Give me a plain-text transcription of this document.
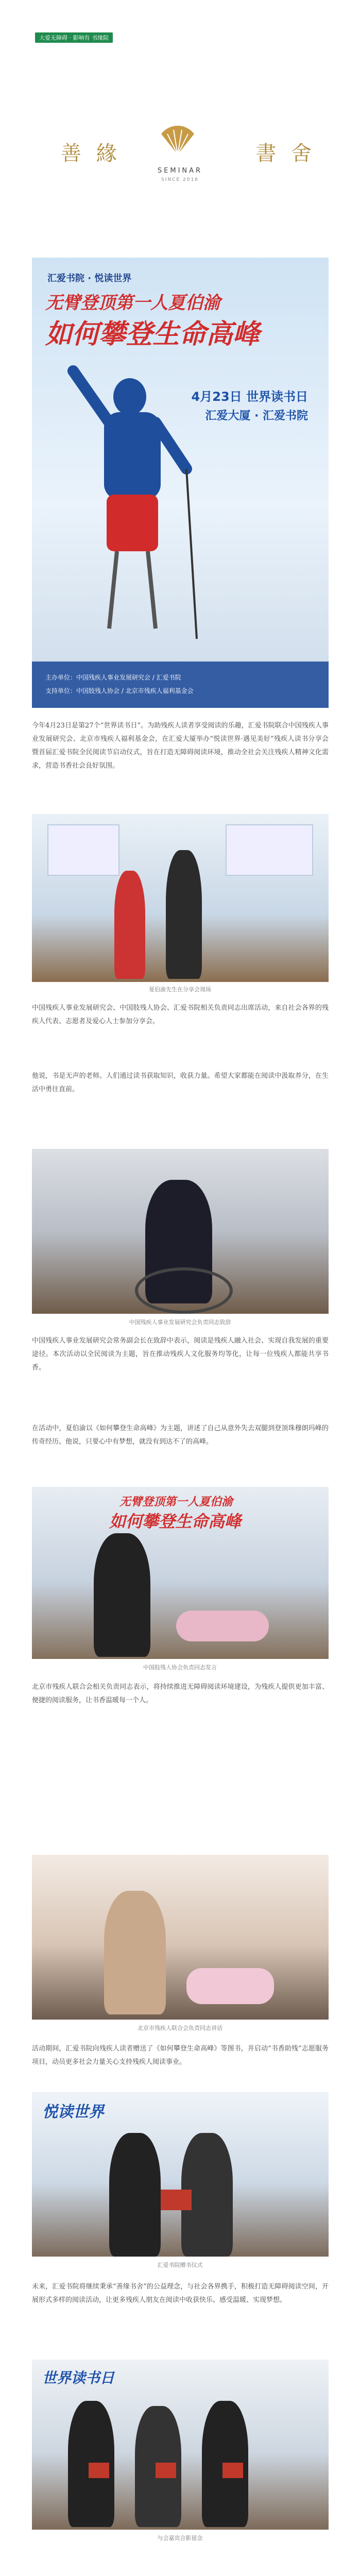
大爱无障碍 · 影响有 书缘院
善 緣	書 舍
SEMINAR
SINCE 2016
汇爱书院 · 悦读世界
无臂登顶第一人夏伯渝
如何攀登生命高峰
4月23日 世界读书日
汇爱大厦 · 汇爱书院
主办单位：中国残疾人事业发展研究会 / 汇爱书院
支持单位：中国肢残人协会 / 北京市残疾人福利基金会
今年4月23日是第27个“世界读书日”。为助残疾人读者享受阅读的乐趣，汇爱书院联合中国残疾人事业发展研究会、北京市残疾人福利基金会，在汇爱大厦举办“悦读世界·遇见美好”残疾人读书分享会暨首届汇爱书院全民阅读节启动仪式，旨在打造无障碍阅读环境，推动全社会关注残疾人精神文化需求，营造书香社会良好氛围。
夏伯渝先生在分享会现场
中国残疾人事业发展研究会、中国肢残人协会、汇爱书院相关负责同志出席活动，来自社会各界的残疾人代表、志愿者及爱心人士参加分享会。
他说，书是无声的老师。人们通过读书获取知识，收获力量。希望大家都能在阅读中汲取养分，在生活中勇往直前。
中国残疾人事业发展研究会负责同志致辞
中国残疾人事业发展研究会常务副会长在致辞中表示，阅读是残疾人融入社会、实现自我发展的重要途径。本次活动以全民阅读为主题，旨在推动残疾人文化服务均等化，让每一位残疾人都能共享书香。
在活动中，夏伯渝以《如何攀登生命高峰》为主题，讲述了自己从意外失去双腿到登顶珠穆朗玛峰的传奇经历。他说，只要心中有梦想，就没有到达不了的高峰。
无臂登顶第一人夏伯渝
如何攀登生命高峰
中国肢残人协会负责同志发言
北京市残疾人联合会相关负责同志表示，将持续推进无障碍阅读环境建设，为残疾人提供更加丰富、便捷的阅读服务，让书香温暖每一个人。
北京市残疾人联合会负责同志讲话
活动期间，汇爱书院向残疾人读者赠送了《如何攀登生命高峰》等图书，并启动“书香助残”志愿服务项目，动员更多社会力量关心支持残疾人阅读事业。
悦读世界
汇爱书院赠书仪式
未来，汇爱书院将继续秉承“善缘书舍”的公益理念，与社会各界携手，积极打造无障碍阅读空间，开展形式多样的阅读活动，让更多残疾人朋友在阅读中收获快乐、感受温暖、实现梦想。
世界读书日
与会嘉宾合影留念
